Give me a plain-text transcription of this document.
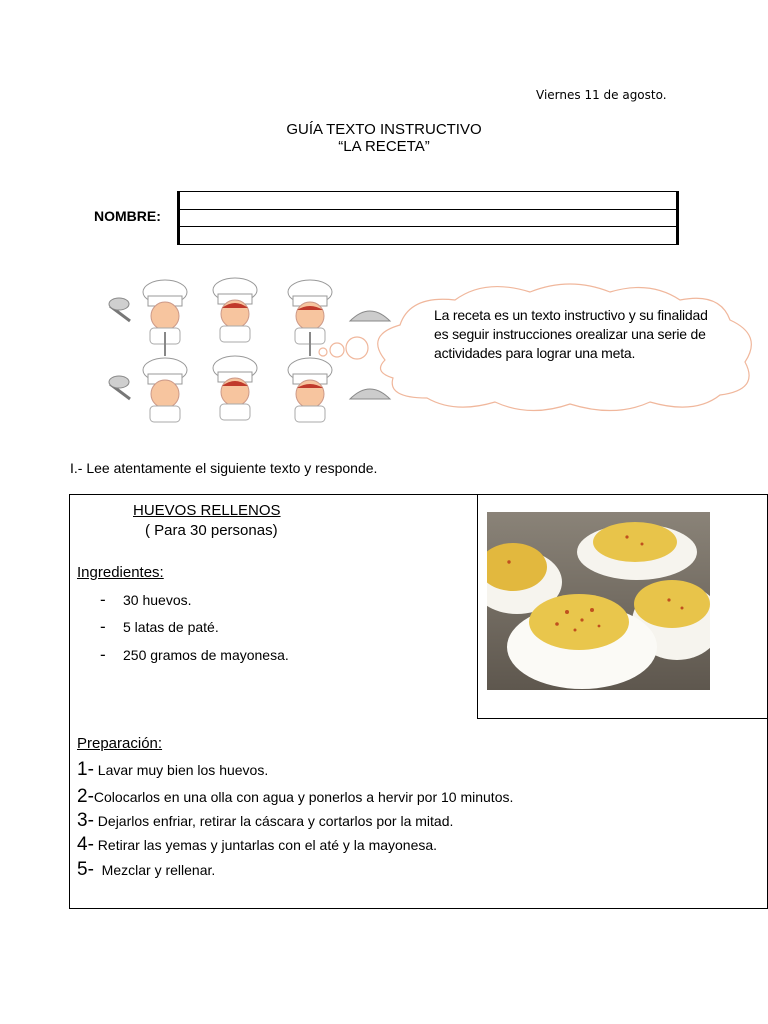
Viernes 11 de agosto.
GUÍA TEXTO INSTRUCTIVO
“LA RECETA”
NOMBRE:
La receta es un texto instructivo y su finalidad es seguir instrucciones orealizar una serie de actividades para lograr una meta.
I.- Lee atentamente el siguiente texto y responde.
HUEVOS RELLENOS
( Para 30 personas)
Ingredientes:
- 30 huevos.
- 5 latas de paté.
- 250 gramos de mayonesa.
Preparación:
1- Lavar muy bien los huevos.
2-Colocarlos en una olla con agua y ponerlos a hervir por 10 minutos.
3- Dejarlos enfriar, retirar la cáscara y cortarlos por la mitad.
4- Retirar las yemas y juntarlas con el até y la mayonesa.
5-  Mezclar y rellenar.
